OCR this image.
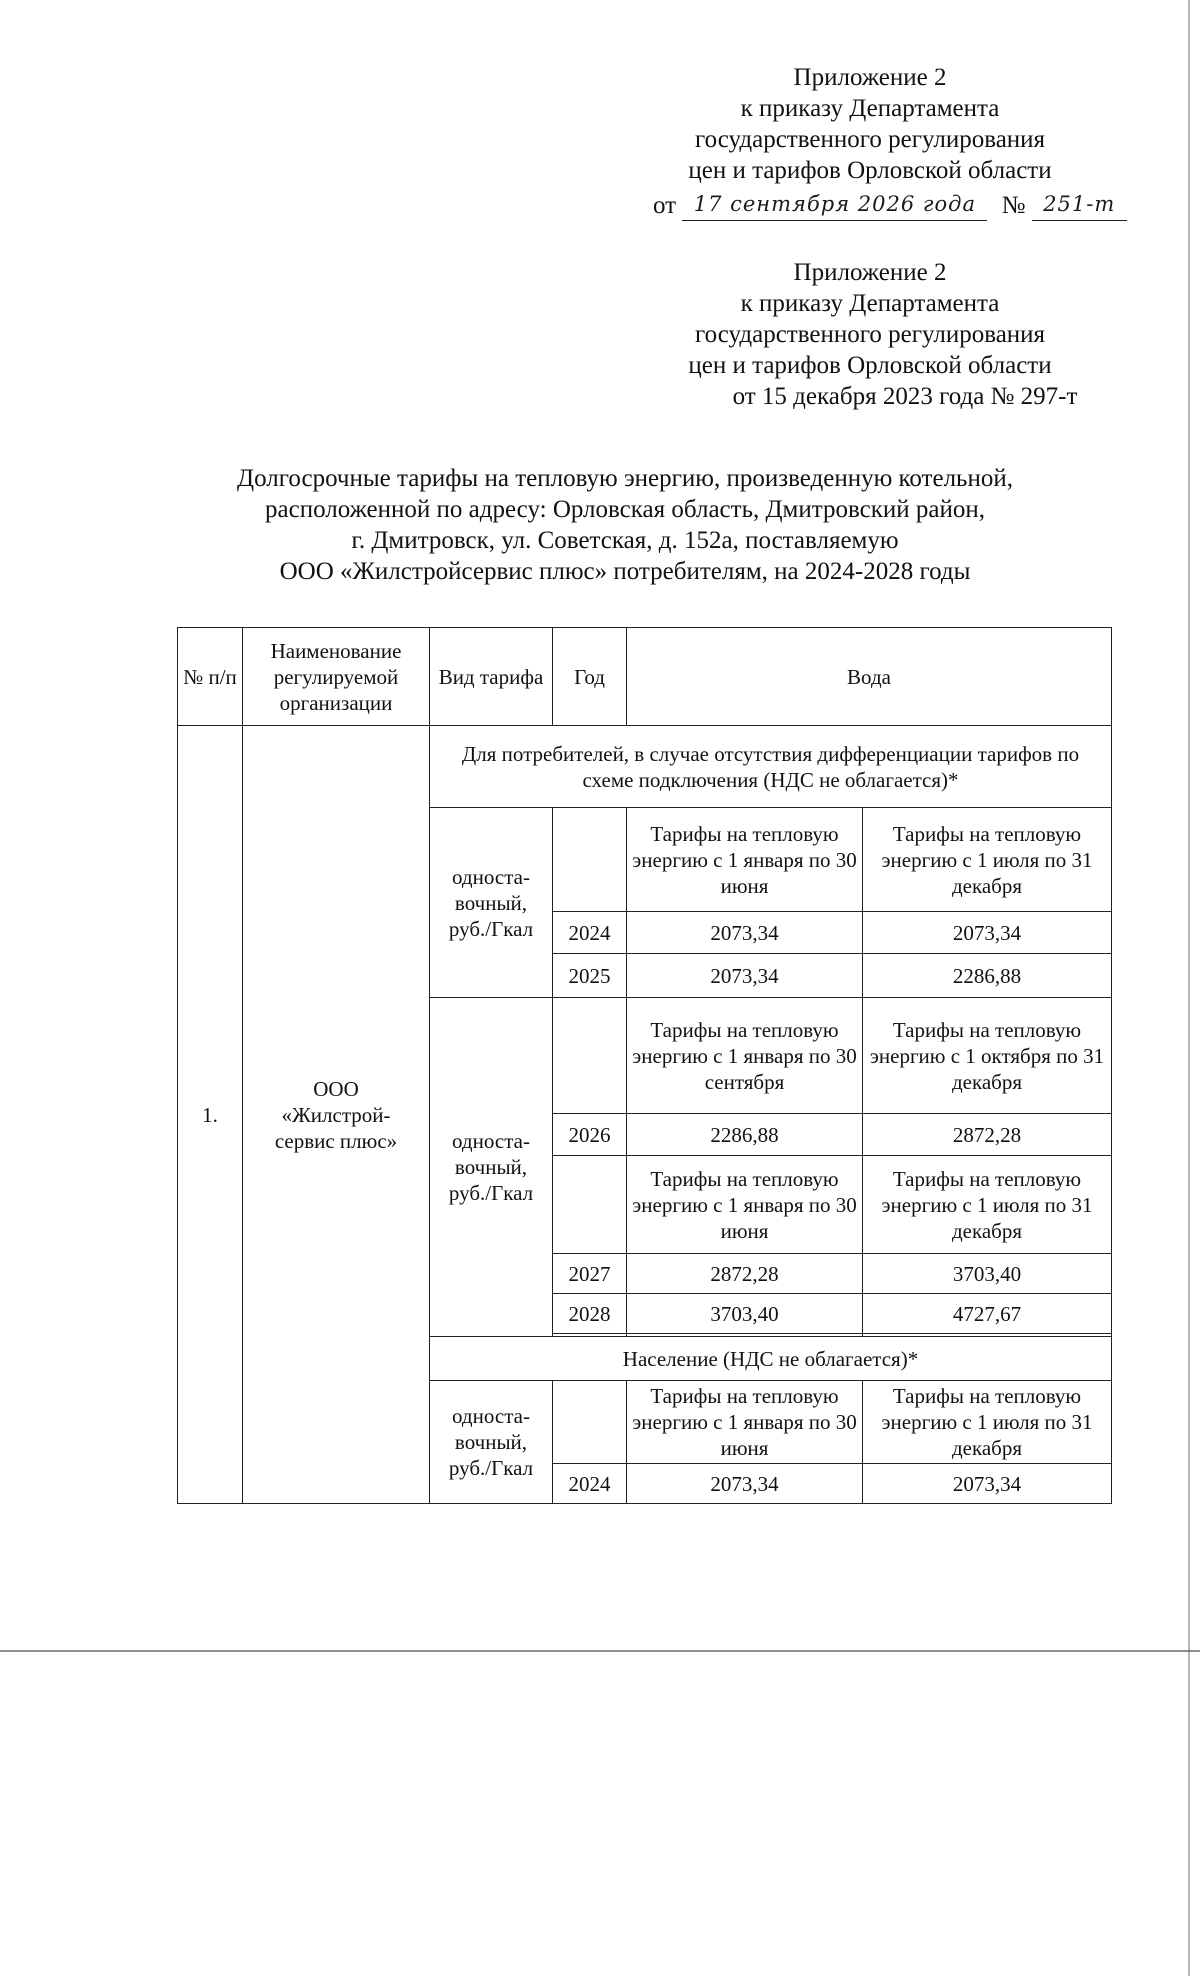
Приложение 2
к приказу Департамента
государственного регулирования
цен и тарифов Орловской области
от 17 сентября 2026 года № 251-т
Приложение 2
к приказу Департамента
государственного регулирования
цен и тарифов Орловской области
от 15 декабря 2023 года № 297-т
Долгосрочные тарифы на тепловую энергию, произведенную котельной,
расположенной по адресу: Орловская область, Дмитровский район,
г. Дмитровск, ул. Советская, д. 152а, поставляемую
ООО «Жилстройсервис плюс» потребителям, на 2024-2028 годы
№ п/п	Наименование регулируемой организации	Вид тарифа	Год	Вода	
1.	ООО
«Жилстрой-
сервис плюс»	Для потребителей, в случае отсутствия дифференциации тарифов по схеме подключения (НДС не облагается)*			

		односта-
вочный,
руб./Гкал		Тарифы на тепловую энергию с 1 января по 30 июня	Тарифы на тепловую энергию с 1 июля по 31 декабря
			2024	2073,34	2073,34
			2025	2073,34	2286,88

		односта-
вочный,
руб./Гкал		Тарифы на тепловую энергию с 1 января по 30 сентября	Тарифы на тепловую энергию с 1 октября по 31 декабря
			2026	2286,88	2872,28
				Тарифы на тепловую энергию с 1 января по 30 июня	Тарифы на тепловую энергию с 1 июля по 31 декабря
			2027	2872,28	3703,40
			2028	3703,40	4727,67

		Население (НДС не облагается)*			

		односта-
вочный,
руб./Гкал		Тарифы на тепловую энергию с 1 января по 30 июня	Тарифы на тепловую энергию с 1 июля по 31 декабря
			2024	2073,34	2073,34
